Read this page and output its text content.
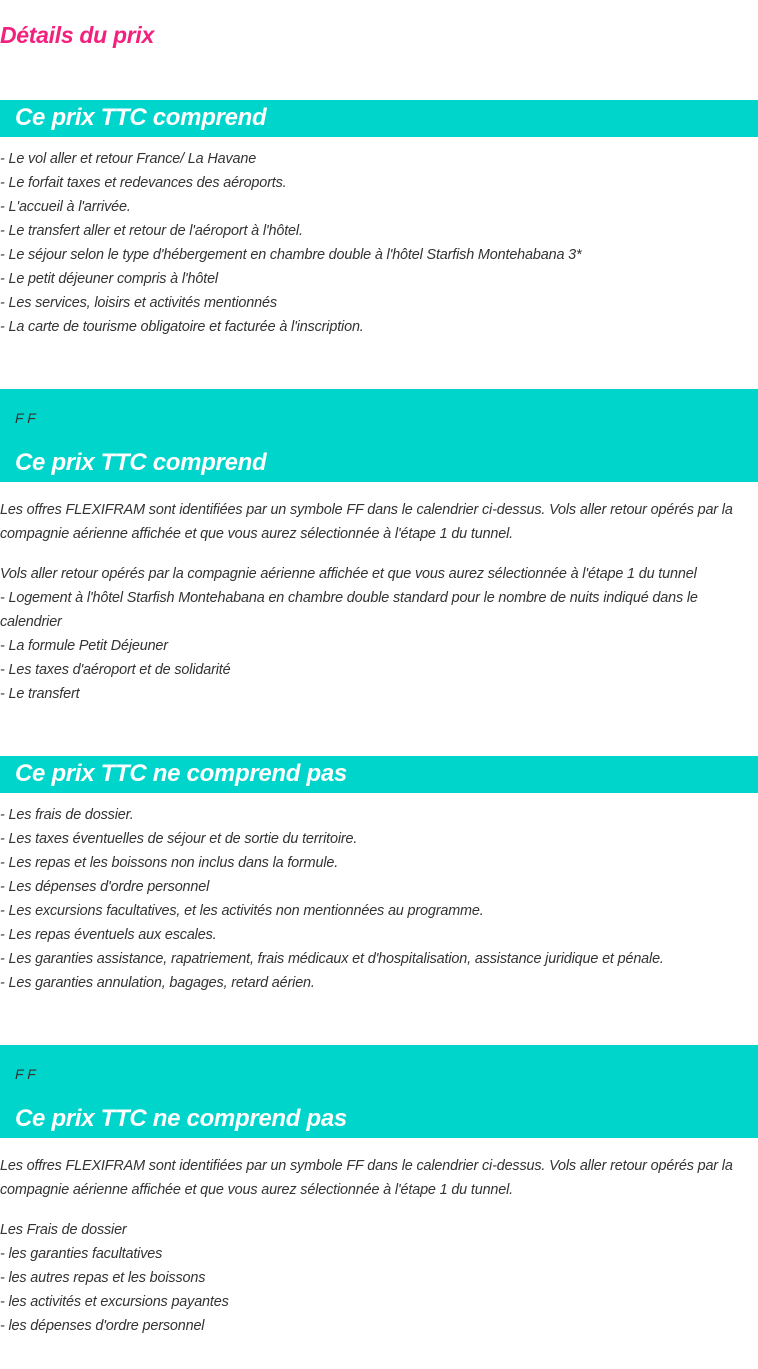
Détails du prix
Ce prix TTC comprend
- Le vol aller et retour France/ La Havane
- Le forfait taxes et redevances des aéroports.
- L'accueil à l'arrivée.
- Le transfert aller et retour de l'aéroport à l'hôtel.
- Le séjour selon le type d'hébergement en chambre double à l'hôtel Starfish Montehabana 3*
- Le petit déjeuner compris à l'hôtel
- Les services, loisirs et activités mentionnés
- La carte de tourisme obligatoire et facturée à l'inscription.
F F
Ce prix TTC comprend
Les offres FLEXIFRAM sont identifiées par un symbole FF dans le calendrier ci-dessus. Vols aller retour opérés par la compagnie aérienne affichée et que vous aurez sélectionnée à l'étape 1 du tunnel.
Vols aller retour opérés par la compagnie aérienne affichée et que vous aurez sélectionnée à l'étape 1 du tunnel
- Logement à l'hôtel Starfish Montehabana en chambre double standard pour le nombre de nuits indiqué dans le calendrier
- La formule Petit Déjeuner
- Les taxes d'aéroport et de solidarité
- Le transfert
Ce prix TTC ne comprend pas
- Les frais de dossier.
- Les taxes éventuelles de séjour et de sortie du territoire.
- Les repas et les boissons non inclus dans la formule.
- Les dépenses d'ordre personnel
- Les excursions facultatives, et les activités non mentionnées au programme.
- Les repas éventuels aux escales.
- Les garanties assistance, rapatriement, frais médicaux et d'hospitalisation, assistance juridique et pénale.
- Les garanties annulation, bagages, retard aérien.
F F
Ce prix TTC ne comprend pas
Les offres FLEXIFRAM sont identifiées par un symbole FF dans le calendrier ci-dessus. Vols aller retour opérés par la compagnie aérienne affichée et que vous aurez sélectionnée à l'étape 1 du tunnel.
Les Frais de dossier
- les garanties facultatives
- les autres repas et les boissons
- les activités et excursions payantes
- les dépenses d'ordre personnel
